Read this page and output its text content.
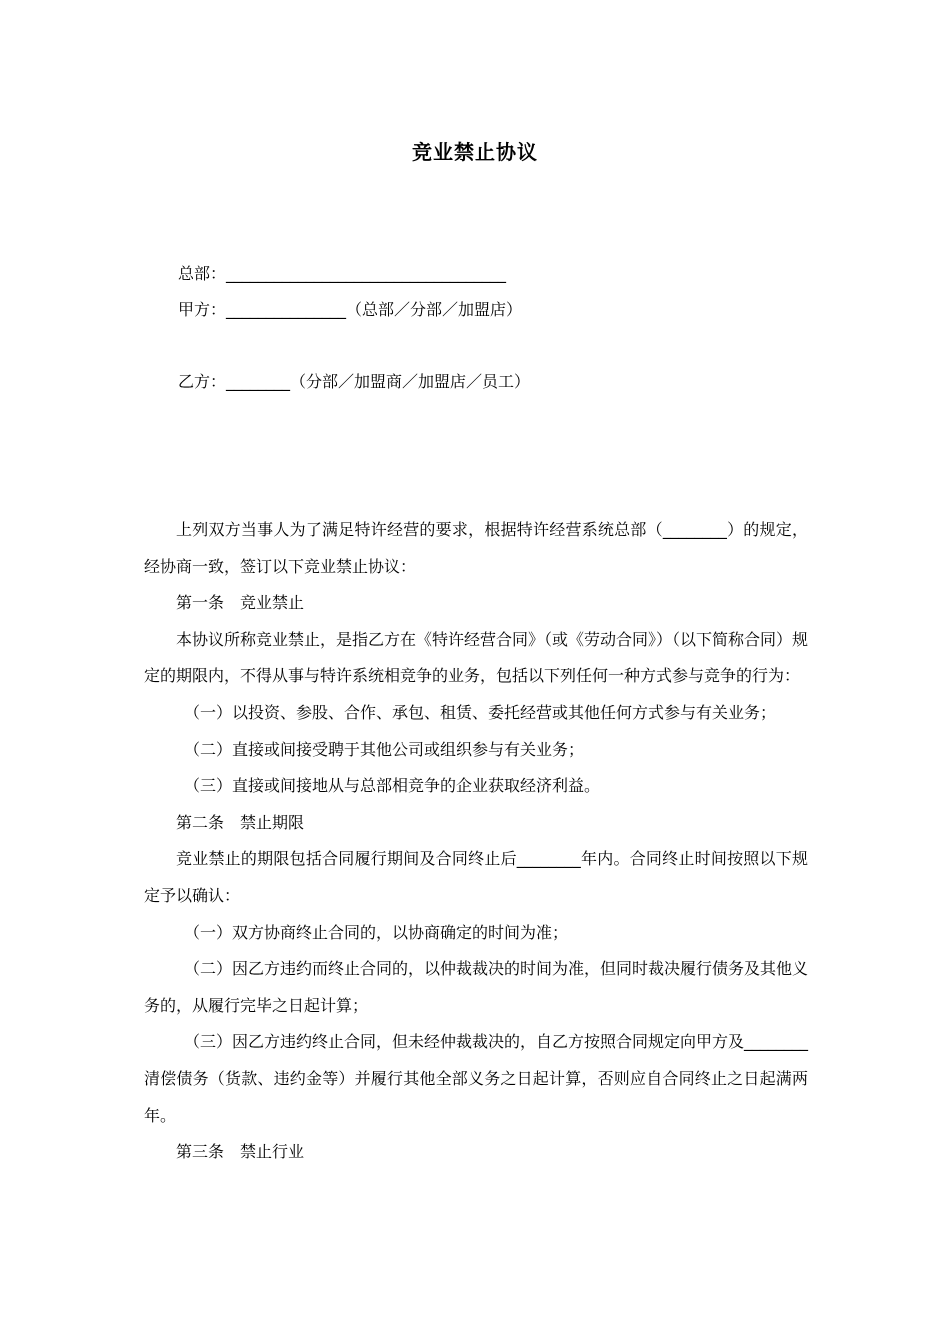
竞业禁止协议
总部：___________________________________
甲方：_______________（总部／分部／加盟店）
乙方：________（分部／加盟商／加盟店／员工）

上列双方当事人为了满足特许经营的要求，根据特许经营系统总部（________）的规定，经协商一致，签订以下竞业禁止协议：

第一条 竞业禁止

本协议所称竞业禁止，是指乙方在《特许经营合同》（或《劳动合同》）（以下简称合同）规定的期限内，不得从事与特许系统相竞争的业务，包括以下列任何一种方式参与竞争的行为：

（一）以投资、参股、合作、承包、租赁、委托经营或其他任何方式参与有关业务；

（二）直接或间接受聘于其他公司或组织参与有关业务；

（三）直接或间接地从与总部相竞争的企业获取经济利益。

第二条 禁止期限

竞业禁止的期限包括合同履行期间及合同终止后________年内。合同终止时间按照以下规定予以确认：

（一）双方协商终止合同的，以协商确定的时间为准；

（二）因乙方违约而终止合同的，以仲裁裁决的时间为准，但同时裁决履行债务及其他义务的，从履行完毕之日起计算；

（三）因乙方违约终止合同，但未经仲裁裁决的，自乙方按照合同规定向甲方及________清偿债务（货款、违约金等）并履行其他全部义务之日起计算，否则应自合同终止之日起满两年。

第三条 禁止行业
